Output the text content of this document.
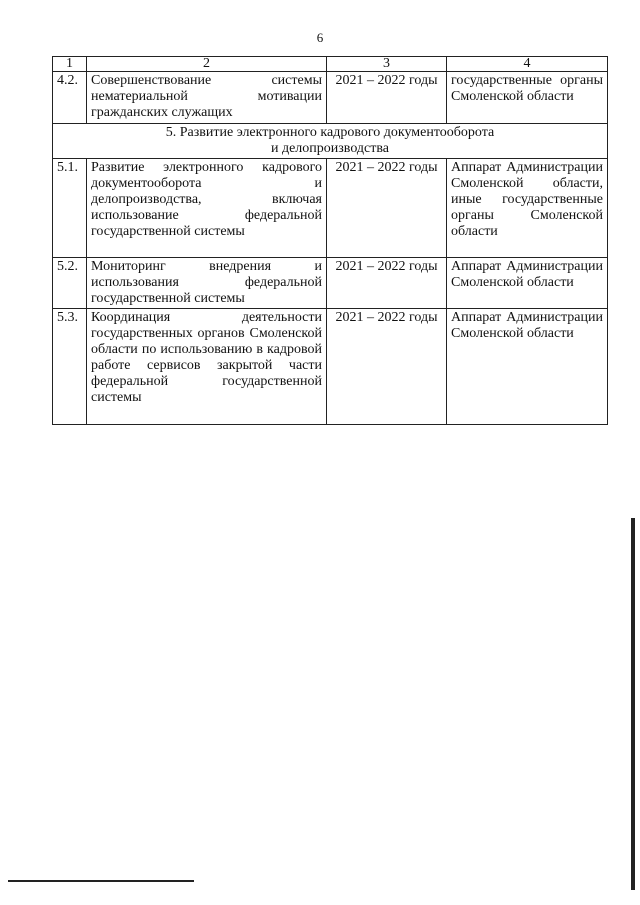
6
1	2	3	4
4.2.	Совершенствование системы нематериальной мотивации гражданских служащих	2021 – 2022 годы	государственные органы Смоленской области

5. Развитие электронного кадрового документооборота
и делопроизводства			

5.1.	Развитие электронного кадрового документооборота и делопроизводства, включая использование федеральной государственной системы	2021 – 2022 годы	Аппарат Администрации Смоленской области, иные государственные органы Смоленской области
5.2.	Мониторинг внедрения и использования федеральной государственной системы	2021 – 2022 годы	Аппарат Администрации Смоленской области
5.3.	Координация деятельности государственных органов Смоленской области по использованию в кадровой работе сервисов закрытой части федеральной государственной системы	2021 – 2022 годы	Аппарат Администрации Смоленской области
